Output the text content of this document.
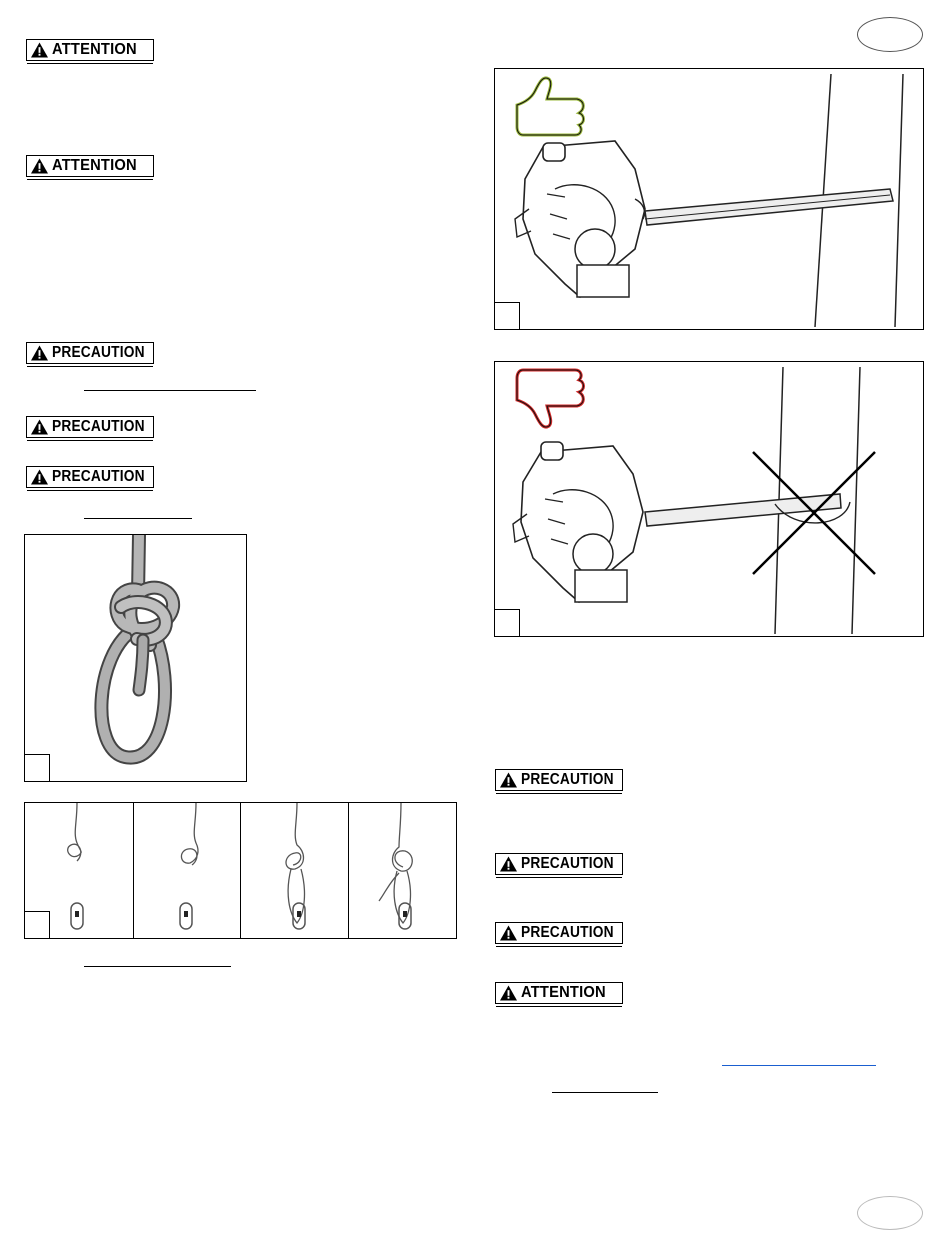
ATTENTION
ATTENTION
PRECAUTION
PRECAUTION
PRECAUTION
PRECAUTION
PRECAUTION
PRECAUTION
ATTENTION
